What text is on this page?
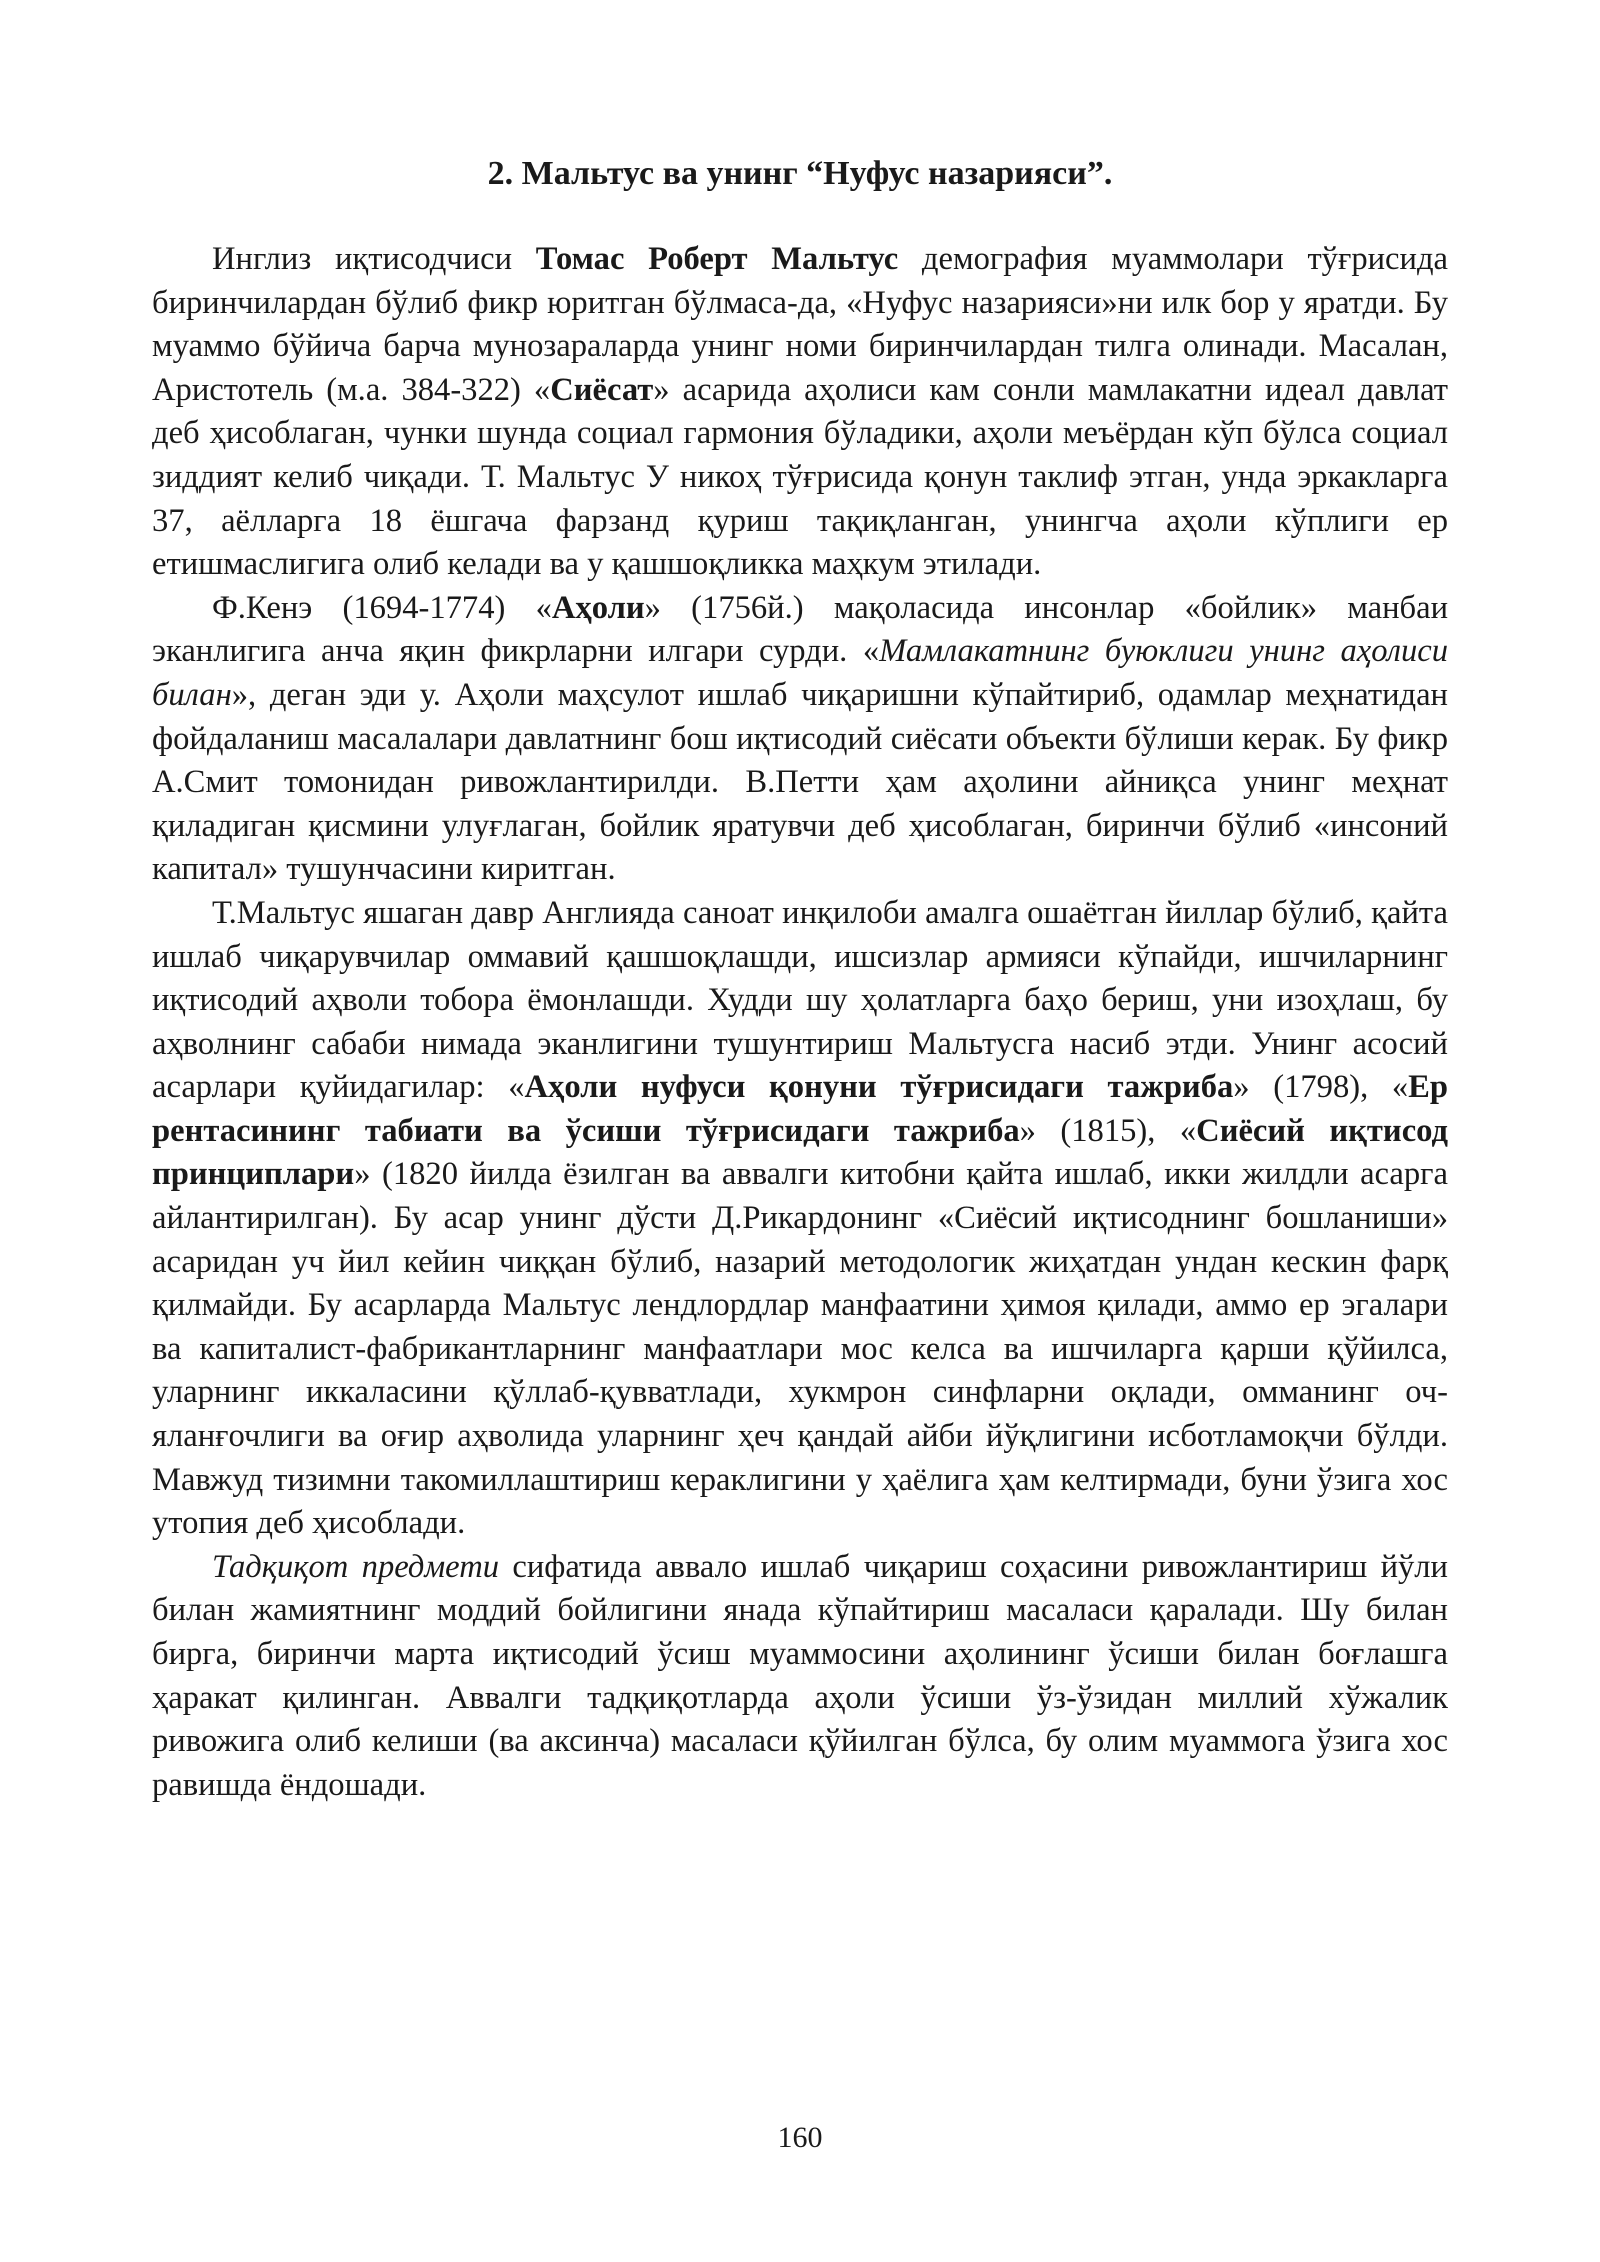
2. Мальтус ва унинг “Нуфус назарияси”.

Инглиз иқтисодчиси Томас Роберт Мальтус демография муаммолари тўғрисида биринчилардан бўлиб фикр юритган бўлмаса-да, «Нуфус назарияси»ни илк бор у яратди. Бу муаммо бўйича барча мунозараларда унинг номи биринчилардан тилга олинади. Масалан, Аристотель (м.а. 384-322) «Сиёсат» асарида аҳолиси кам сонли мамлакатни идеал давлат деб ҳисоблаган, чунки шунда социал гармония бўладики, аҳоли меъёрдан кўп бўлса социал зиддият келиб чиқади. Т. Мальтус У никоҳ тўғрисида қонун таклиф этган, унда эркакларга 37, аёлларга 18 ёшгача фарзанд қуриш тақиқланган, унингча аҳоли кўплиги ер етишмаслигига олиб келади ва у қашшоқликка маҳкум этилади.

Ф.Кенэ (1694-1774) «Аҳоли» (1756й.) мақоласида инсонлар «бойлик» манбаи эканлигига анча яқин фикрларни илгари сурди. «Мамлакатнинг буюклиги унинг аҳолиси билан», деган эди у. Аҳоли маҳсулот ишлаб чиқаришни кўпайтириб, одамлар меҳнатидан фойдаланиш масалалари давлатнинг бош иқтисодий сиёсати объекти бўлиши керак. Бу фикр А.Смит томонидан ривожлантирилди. В.Петти ҳам аҳолини айниқса унинг меҳнат қиладиган қисмини улуғлаган, бойлик яратувчи деб ҳисоблаган, биринчи бўлиб «инсоний капитал» тушунчасини киритган.

Т.Мальтус яшаган давр Англияда саноат инқилоби амалга ошаётган йиллар бўлиб, қайта ишлаб чиқарувчилар оммавий қашшоқлашди, ишсизлар армияси кўпайди, ишчиларнинг иқтисодий аҳволи тобора ёмонлашди. Худди шу ҳолатларга баҳо бериш, уни изоҳлаш, бу аҳволнинг сабаби нимада эканлигини тушунтириш Мальтусга насиб этди. Унинг асосий асарлари қуйидагилар: «Аҳоли нуфуси қонуни тўғрисидаги тажриба» (1798), «Ер рентасининг табиати ва ўсиши тўғрисидаги тажриба» (1815), «Сиёсий иқтисод принциплари» (1820 йилда ёзилган ва аввалги китобни қайта ишлаб, икки жилдли асарга айлантирилган). Бу асар унинг дўсти Д.Рикардонинг «Сиёсий иқтисоднинг бошланиши» асаридан уч йил кейин чиққан бўлиб, назарий методологик жиҳатдан ундан кескин фарқ қилмайди. Бу асарларда Мальтус лендлордлар манфаатини ҳимоя қилади, аммо ер эгалари ва капиталист-фабрикантларнинг манфаатлари мос келса ва ишчиларга қарши қўйилса, уларнинг иккаласини қўллаб-қувватлади, хукмрон синфларни оқлади, омманинг оч-яланғочлиги ва оғир аҳволида уларнинг ҳеч қандай айби йўқлигини исботламоқчи бўлди. Мавжуд тизимни такомиллаштириш кераклигини у ҳаёлига ҳам келтирмади, буни ўзига хос утопия деб ҳисоблади.

Тадқиқот предмети сифатида аввало ишлаб чиқариш соҳасини ривожлантириш йўли билан жамиятнинг моддий бойлигини янада кўпайтириш масаласи қаралади. Шу билан бирга, биринчи марта иқтисодий ўсиш муаммосини аҳолининг ўсиши билан боғлашга ҳаракат қилинган. Аввалги тадқиқотларда аҳоли ўсиши ўз-ўзидан миллий хўжалик ривожига олиб келиши (ва аксинча) масаласи қўйилган бўлса, бу олим муаммога ўзига хос равишда ёндошади.

160
